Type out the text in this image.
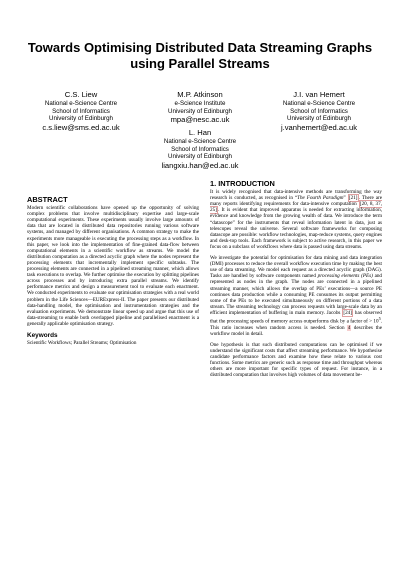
Towards Optimising Distributed Data Streaming Graphs
using Parallel Streams
C.S. Liew
National e-Science Centre
School of Informatics
University of Edinburgh
c.s.liew@sms.ed.ac.uk
M.P. Atkinson
e-Science Institute
University of Edinburgh
mpa@nesc.ac.uk
J.I. van Hemert
National e-Science Centre
School of Informatics
University of Edinburgh
j.vanhemert@ed.ac.uk
L. Han
National e-Science Centre
School of Informatics
University of Edinburgh
liangxiu.han@ed.ac.uk
ABSTRACT

Modern scientific collaborations have opened up the opportunity of solving complex problems that involve multidisciplinary expertise and large-scale computational experiments. These experiments usually involve large amounts of data that are located in distributed data repositories running various software systems, and managed by different organisations. A common strategy to make the experiments more manageable is executing the processing steps as a workflow. In this paper, we look into the implementation of fine-grained data-flow between computational elements in a scientific workflow as streams. We model the distribution computation as a directed acyclic graph where the nodes represent the processing elements that incrementally implement specific subtasks. The processing elements are connected in a pipelined streaming manner, which allows task executions to overlap. We further optimise the execution by splitting pipelines across processes and by introducing extra parallel streams. We identify performance metrics and design a measurement tool to evaluate each enactment. We conducted experiments to evaluate our optimisation strategies with a real world problem in the Life Sciences—EURExpress-II. The paper presents our distributed data-handling model, the optimisation and instrumentation strategies and the evaluation experiments. We demonstrate linear speed up and argue that this use of data-streaming to enable both overlapped pipeline and parallelised enactment is a generally applicable optimisation strategy.

Keywords

Scientific Workflows; Parallel Streams; Optimisation

1. INTRODUCTION

It is widely recognised that data-intensive methods are transforming the way research is conducted, as recognised in “The Fourth Paradigm” [21]. There are many reports identifying requirements for data-intensive computation [20, 8, 37, 25]. It is evident that improved apparatus is needed for extracting information, evidence and knowledge from the growing wealth of data. We introduce the term “datascope” for the instruments that reveal information latent in data, just as telescopes reveal the universe. Several software frameworks for composing datascope are possible: workflow technologies, map-reduce systems, query engines and desk-top tools. Each framework is subject to active research, in this paper we focus on a subclass of workflows where data is passed using data streams.

We investigate the potential for optimisation for data mining and data integration (DMI) processes to reduce the overall workflow execution time by making the best use of data streaming. We model each request as a directed acyclic graph (DAG). Tasks are handled by software components named processing elements (PEs) and represented as nodes in the graph. The nodes are connected in a pipelined streaming manner, which allows the overlap of PEs’ executions—a source PE continues data production while a consuming PE consumes its output permitting some of the PEs to be executed simultaneously on different portions of a data stream. The streaming technology can process requests with large-scale data by an efficient implementation of buffering in main memory. Jacobs [24] has observed that the processing speeds of memory access outperforms disk by a factor of > $10^5$. This ratio increases when random access is needed. Section 4 describes the workflow model in detail.

One hypothesis is that such distributed computations can be optimised if we understand the significant costs that affect streaming performance. We hypothesise candidate performance factors and examine how these relate to various cost functions. Some metrics are generic such as response time and throughput whereas others are more important for specific types of request. For instance, in a distributed computation that involves high volumes of data movement be-
